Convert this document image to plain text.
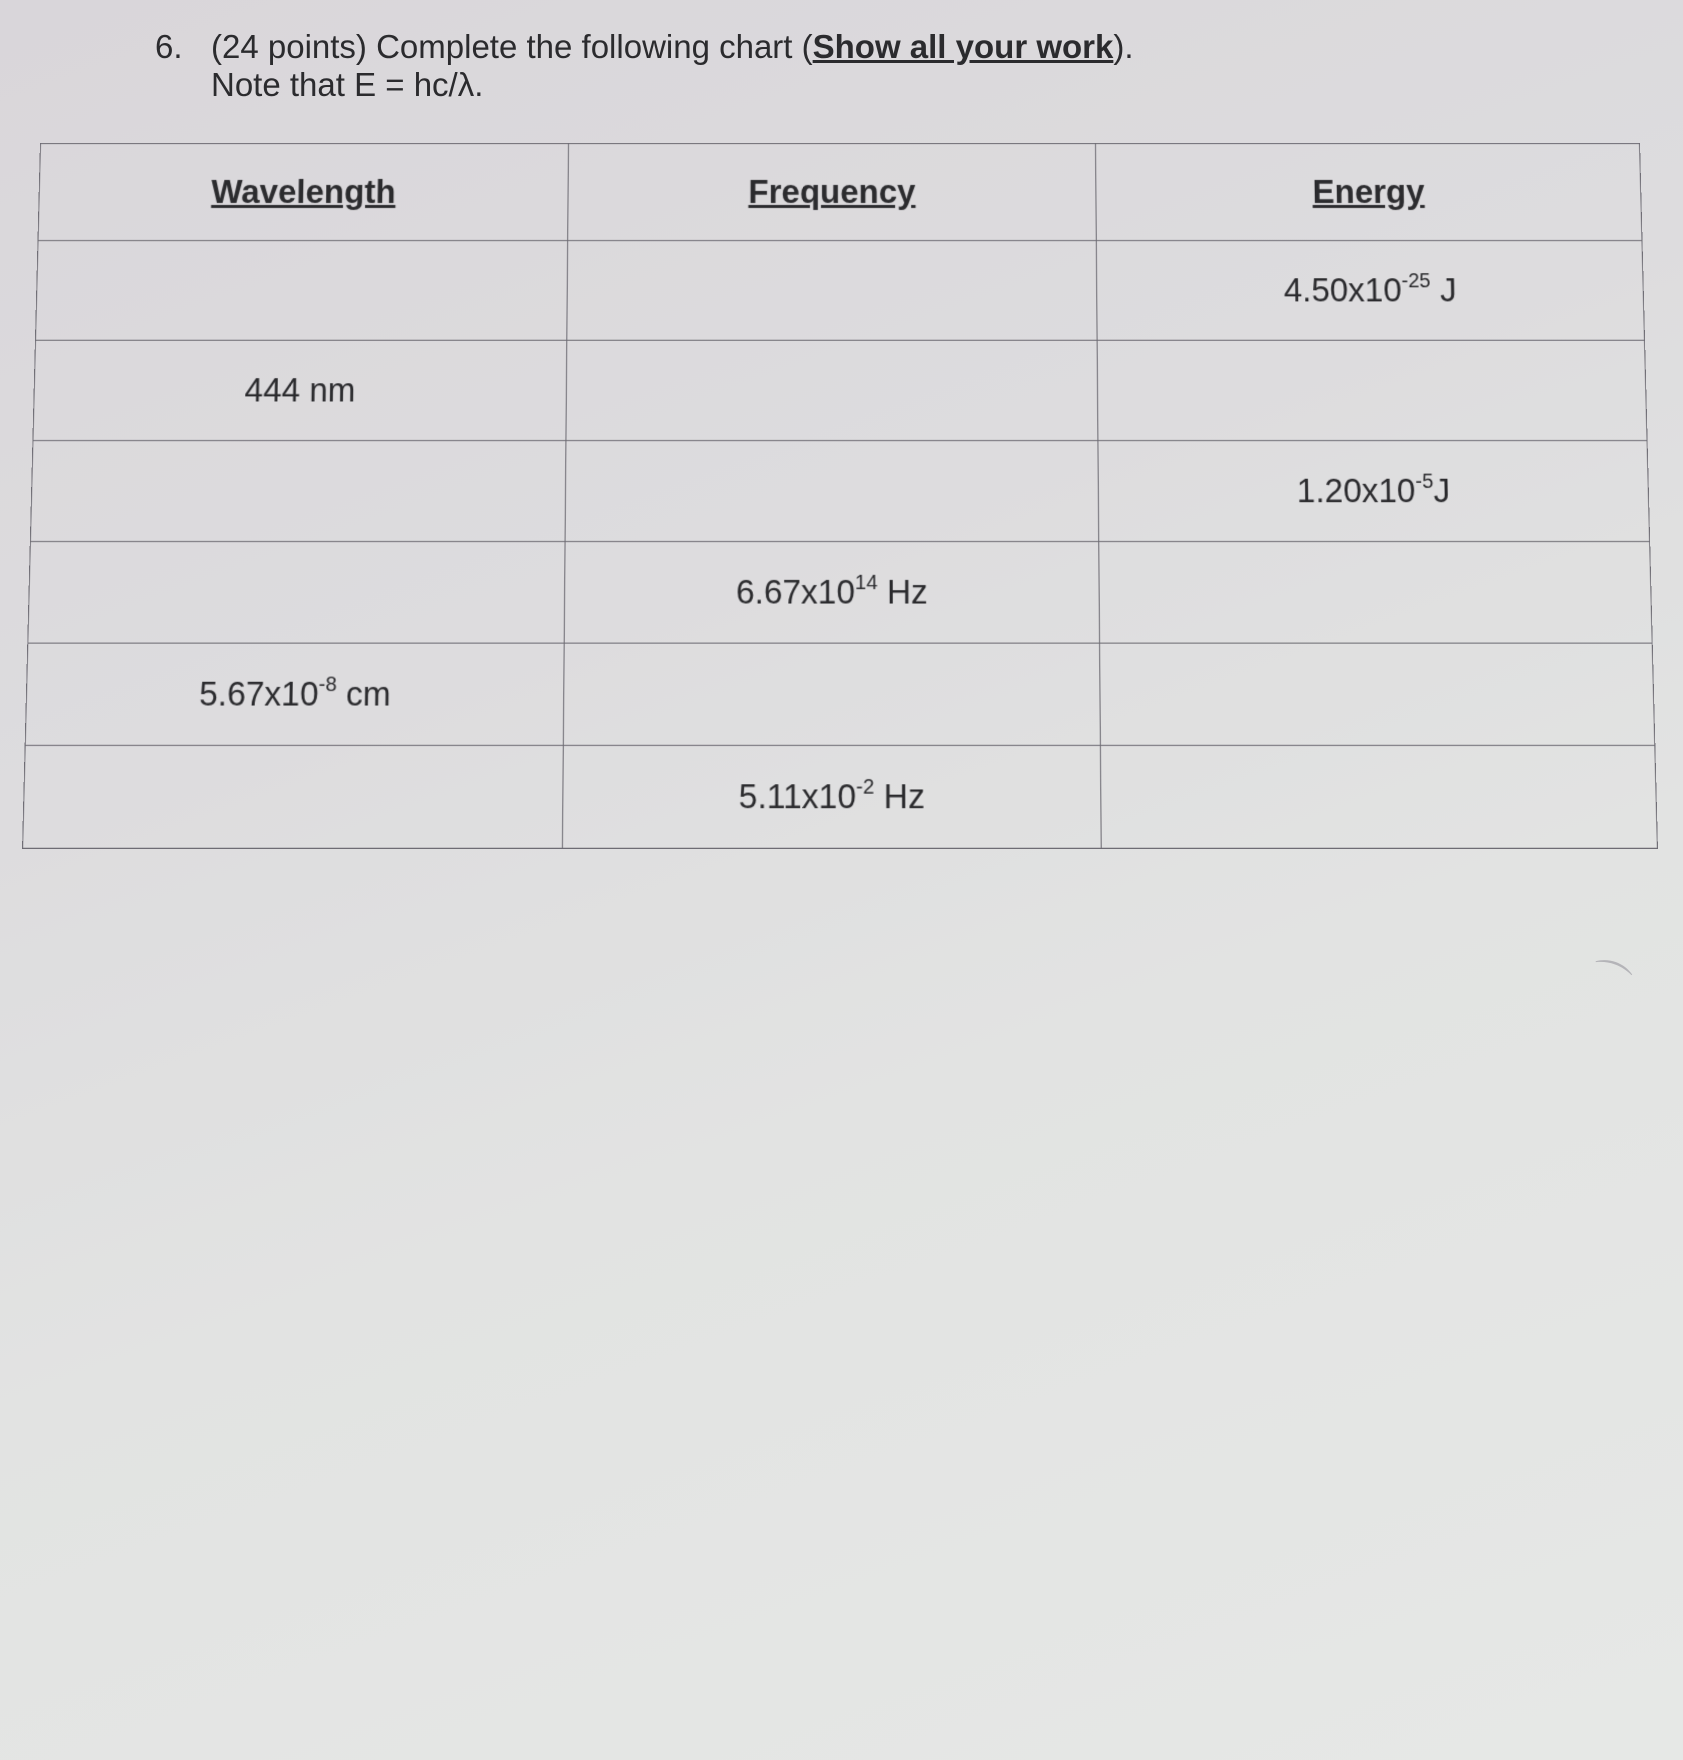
6. (24 points) Complete the following chart (Show all your work).
Note that E = hc/λ.
Wavelength	Frequency	Energy
		$4.50x10^{-25}$ J
444 nm		
		$1.20x10^{-5}J$
	$6.67x10^{14}$ Hz	
$5.67x10^{-8}$ cm		
	$5.11x10^{-2}$ Hz	
⌒
